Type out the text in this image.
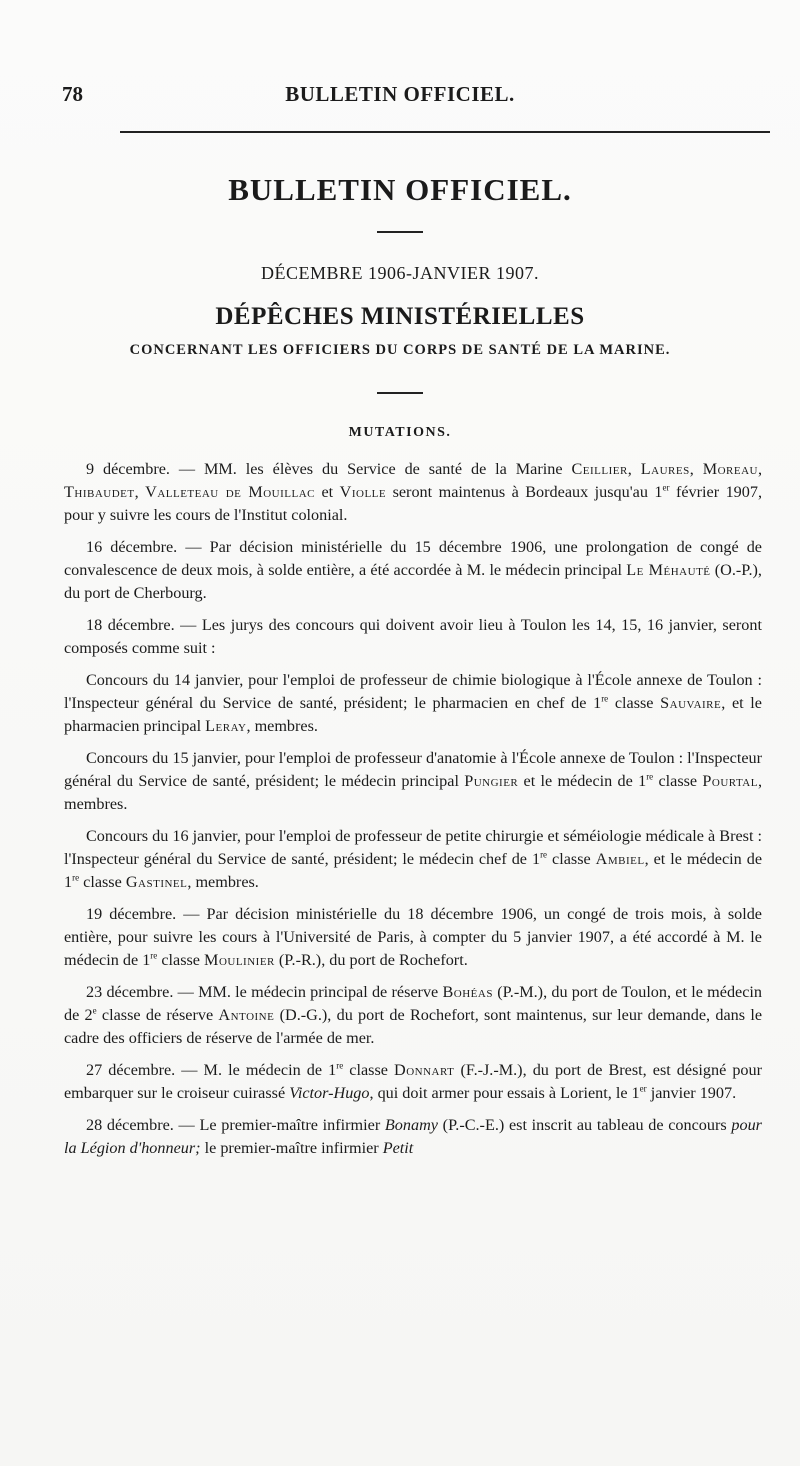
78	BULLETIN OFFICIEL.
BULLETIN OFFICIEL.
DÉCEMBRE 1906-JANVIER 1907.
DÉPÊCHES MINISTÉRIELLES
CONCERNANT LES OFFICIERS DU CORPS DE SANTÉ DE LA MARINE.
MUTATIONS.

9 décembre. — MM. les élèves du Service de santé de la Marine Ceillier, Laures, Moreau, Thibaudet, Valleteau de Mouillac et Violle seront maintenus à Bordeaux jusqu'au 1er février 1907, pour y suivre les cours de l'Institut colonial.

16 décembre. — Par décision ministérielle du 15 décembre 1906, une prolongation de congé de convalescence de deux mois, à solde entière, a été accordée à M. le médecin principal Le Méhauté (O.-P.), du port de Cherbourg.

18 décembre. — Les jurys des concours qui doivent avoir lieu à Toulon les 14, 15, 16 janvier, seront composés comme suit :

Concours du 14 janvier, pour l'emploi de professeur de chimie biologique à l'École annexe de Toulon : l'Inspecteur général du Service de santé, président; le pharmacien en chef de 1re classe Sauvaire, et le pharmacien principal Leray, membres.

Concours du 15 janvier, pour l'emploi de professeur d'anatomie à l'École annexe de Toulon : l'Inspecteur général du Service de santé, président; le médecin principal Pungier et le médecin de 1re classe Pourtal, membres.

Concours du 16 janvier, pour l'emploi de professeur de petite chirurgie et séméiologie médicale à Brest : l'Inspecteur général du Service de santé, président; le médecin chef de 1re classe Ambiel, et le médecin de 1re classe Gastinel, membres.

19 décembre. — Par décision ministérielle du 18 décembre 1906, un congé de trois mois, à solde entière, pour suivre les cours à l'Université de Paris, à compter du 5 janvier 1907, a été accordé à M. le médecin de 1re classe Moulinier (P.-R.), du port de Rochefort.

23 décembre. — MM. le médecin principal de réserve Bohéas (P.-M.), du port de Toulon, et le médecin de 2e classe de réserve Antoine (D.-G.), du port de Rochefort, sont maintenus, sur leur demande, dans le cadre des officiers de réserve de l'armée de mer.

27 décembre. — M. le médecin de 1re classe Donnart (F.-J.-M.), du port de Brest, est désigné pour embarquer sur le croiseur cuirassé Victor-Hugo, qui doit armer pour essais à Lorient, le 1er janvier 1907.

28 décembre. — Le premier-maître infirmier Bonamy (P.-C.-E.) est inscrit au tableau de concours pour la Légion d'honneur; le premier-maître infirmier Petit
